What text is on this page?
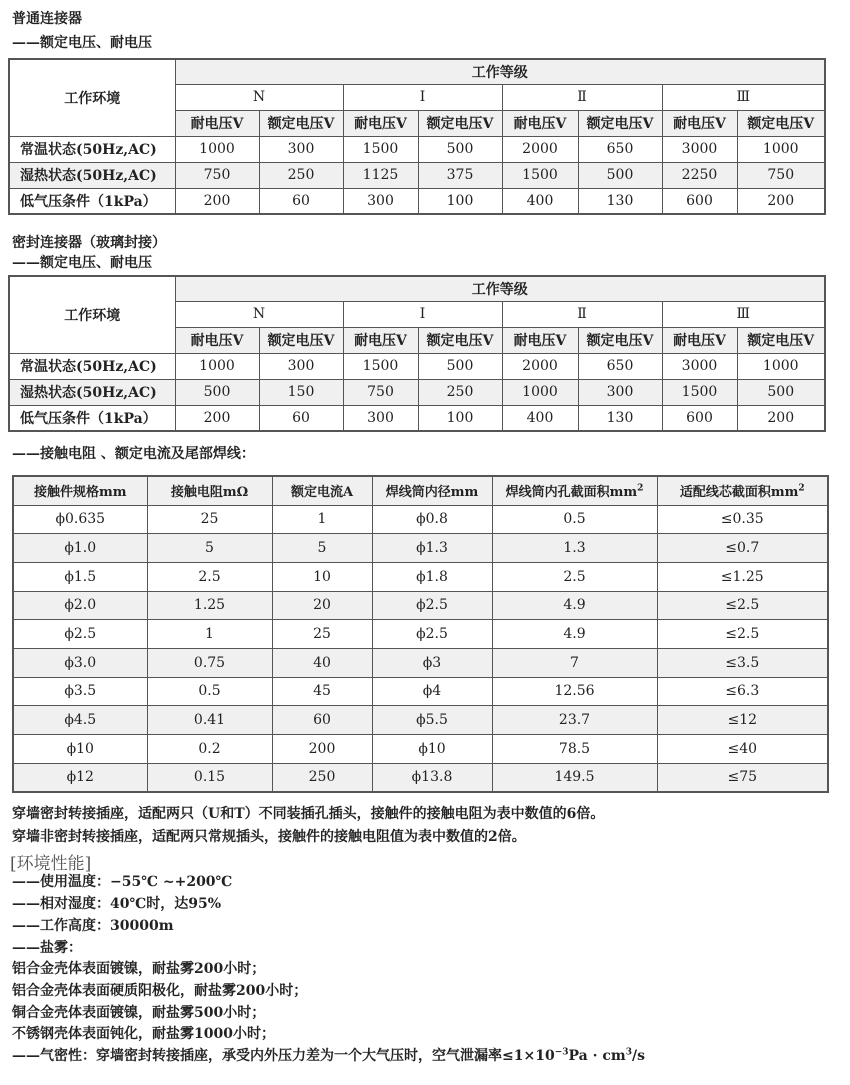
普通连接器
——额定电压、耐电压
工作环境	工作等级							
	N		I		Ⅱ		Ⅲ	
	耐电压V	额定电压V	耐电压V	额定电压V	耐电压V	额定电压V	耐电压V	额定电压V
常温状态(50Hz,AC)	1000	300	1500	500	2000	650	3000	1000
湿热状态(50Hz,AC)	750	250	1125	375	1500	500	2250	750
低气压条件（1kPa）	200	60	300	100	400	130	600	200
密封连接器（玻璃封接）
——额定电压、耐电压
工作环境	工作等级							
	N		I		Ⅱ		Ⅲ	
	耐电压V	额定电压V	耐电压V	额定电压V	耐电压V	额定电压V	耐电压V	额定电压V
常温状态(50Hz,AC)	1000	300	1500	500	2000	650	3000	1000
湿热状态(50Hz,AC)	500	150	750	250	1000	300	1500	500
低气压条件（1kPa）	200	60	300	100	400	130	600	200
——接触电阻 、额定电流及尾部焊线：
接触件规格mm	接触电阻mΩ	额定电流A	焊线筒内径mm	焊线筒内孔截面积$mm^2$	适配线芯截面积$mm^2$
ϕ0.635	25	1	ϕ0.8	0.5	≤0.35
ϕ1.0	5	5	ϕ1.3	1.3	≤0.7
ϕ1.5	2.5	10	ϕ1.8	2.5	≤1.25
ϕ2.0	1.25	20	ϕ2.5	4.9	≤2.5
ϕ2.5	1	25	ϕ2.5	4.9	≤2.5
ϕ3.0	0.75	40	ϕ3	7	≤3.5
ϕ3.5	0.5	45	ϕ4	12.56	≤6.3
ϕ4.5	0.41	60	ϕ5.5	23.7	≤12
ϕ10	0.2	200	ϕ10	78.5	≤40
ϕ12	0.15	250	ϕ13.8	149.5	≤75
穿墙密封转接插座，适配两只（U和T）不同装插孔插头，接触件的接触电阻为表中数值的6倍。
穿墙非密封转接插座，适配两只常规插头，接触件的接触电阻值为表中数值的2倍。
[环境性能]
——使用温度：−55℃ ~+200℃
——相对湿度：40℃时，达95%
——工作高度：30000m
——盐雾：
铝合金壳体表面镀镍，耐盐雾200小时；
铝合金壳体表面硬质阳极化，耐盐雾200小时；
铜合金壳体表面镀镍，耐盐雾500小时；
不锈钢壳体表面钝化，耐盐雾1000小时；
——气密性：穿墙密封转接插座，承受内外压力差为一个大气压时，空气泄漏率$\le 1\times 10^{-3}Pa \cdot cm^3/s$
